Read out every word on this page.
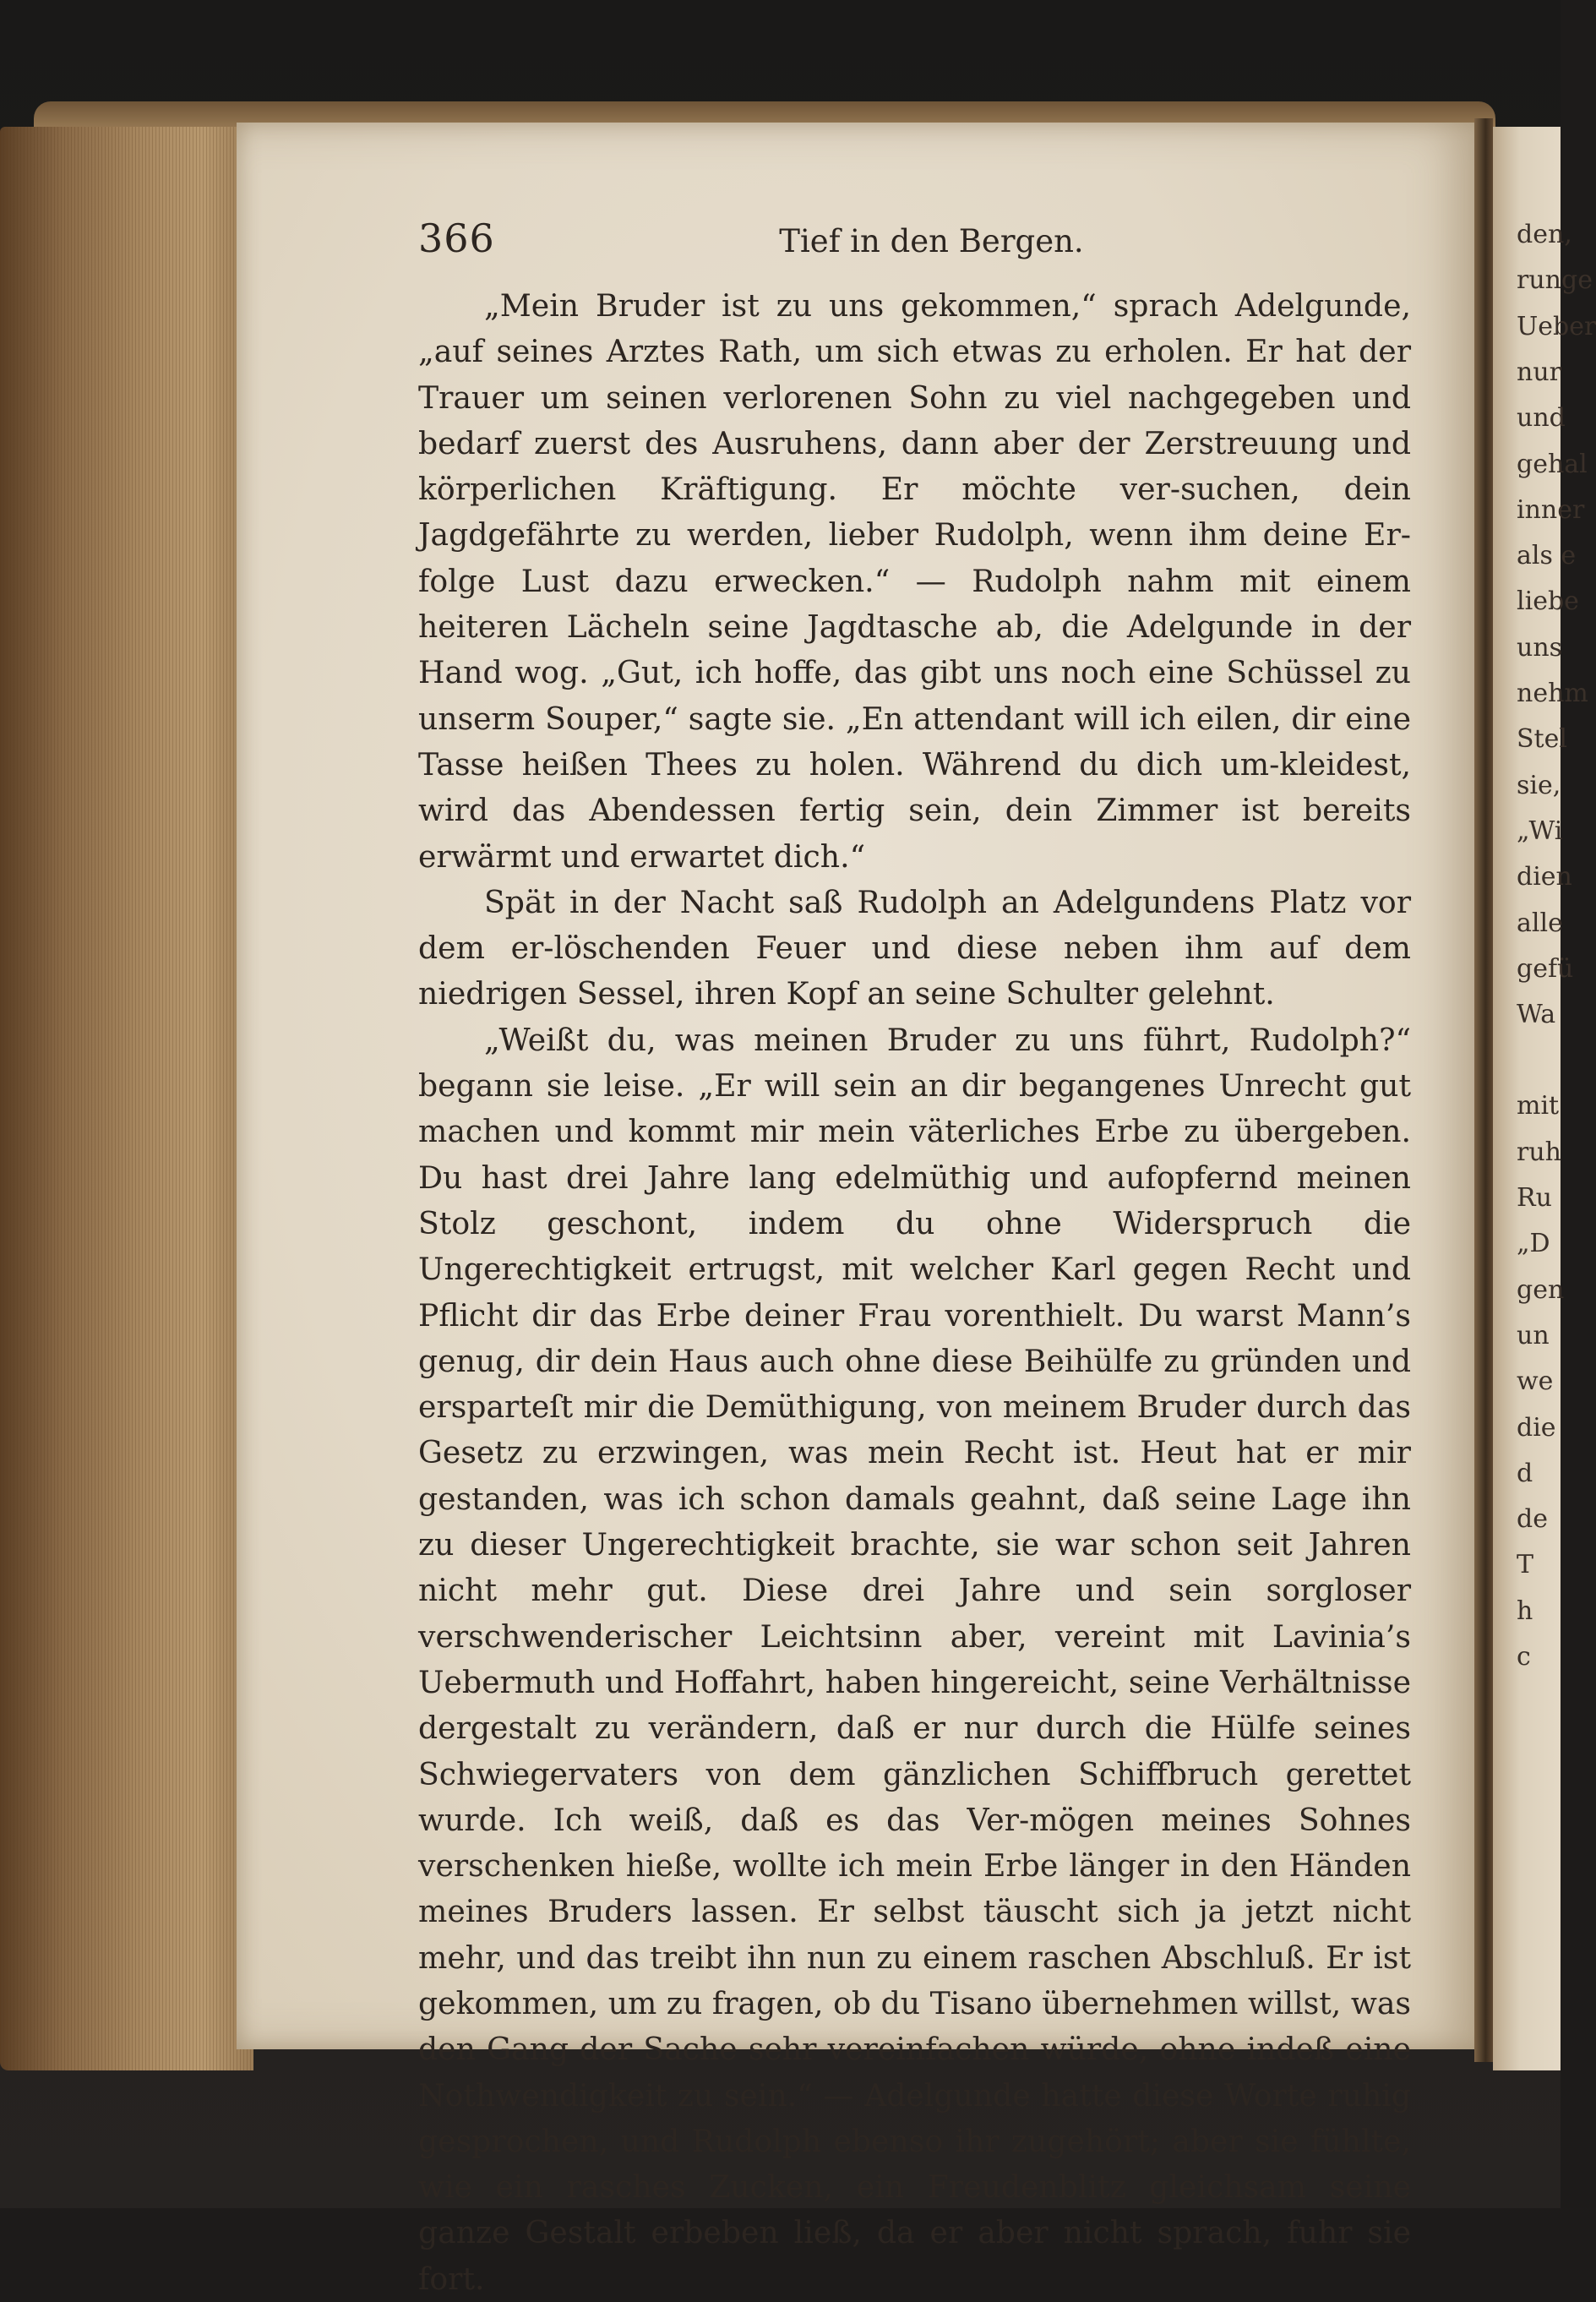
den,
runge
Ueber
nur
und
gehal
inner
als e
liebe
uns
nehm
Stel
sie,
„Wi
dien
alle
gefü
Wa
mit
ruh
Ru
„D
gen
un
we
die
d
de
T
h
c
366	Tief in den Bergen.

„Mein Bruder ist zu uns gekommen,“ sprach Adelgunde, „auf seines Arztes Rath, um sich etwas zu erholen. Er hat der Trauer um seinen verlorenen Sohn zu viel nachgegeben und bedarf zuerst des Ausruhens, dann aber der Zerstreuung und körperlichen Kräftigung. Er möchte ver-suchen, dein Jagdgefährte zu werden, lieber Rudolph, wenn ihm deine Er-folge Lust dazu erwecken.“ — Rudolph nahm mit einem heiteren Lächeln seine Jagdtasche ab, die Adelgunde in der Hand wog. „Gut, ich hoffe, das gibt uns noch eine Schüssel zu unserm Souper,“ sagte sie. „En attendant will ich eilen, dir eine Tasse heißen Thees zu holen. Während du dich um-kleidest, wird das Abendessen fertig sein, dein Zimmer ist bereits erwärmt und erwartet dich.“

Spät in der Nacht saß Rudolph an Adelgundens Platz vor dem er-löschenden Feuer und diese neben ihm auf dem niedrigen Sessel, ihren Kopf an seine Schulter gelehnt.

„Weißt du, was meinen Bruder zu uns führt, Rudolph?“ begann sie leise. „Er will sein an dir begangenes Unrecht gut machen und kommt mir mein väterliches Erbe zu übergeben. Du hast drei Jahre lang edelmüthig und aufopfernd meinen Stolz geschont, indem du ohne Widerspruch die Ungerechtigkeit ertrugst, mit welcher Karl gegen Recht und Pflicht dir das Erbe deiner Frau vorenthielt. Du warst Mann’s genug, dir dein Haus auch ohne diese Beihülfe zu gründen und ersparteſt mir die Demüthigung, von meinem Bruder durch das Gesetz zu erzwingen, was mein Recht ist. Heut hat er mir gestanden, was ich schon damals geahnt, daß seine Lage ihn zu dieser Ungerechtigkeit brachte, sie war schon seit Jahren nicht mehr gut. Diese drei Jahre und sein sorgloser verschwenderischer Leichtsinn aber, vereint mit Lavinia’s Uebermuth und Hoffahrt, haben hingereicht, seine Verhältnisse dergestalt zu verändern, daß er nur durch die Hülfe seines Schwiegervaters von dem gänzlichen Schiffbruch gerettet wurde. Ich weiß, daß es das Ver-mögen meines Sohnes verschenken hieße, wollte ich mein Erbe länger in den Händen meines Bruders lassen. Er selbst täuscht sich ja jetzt nicht mehr, und das treibt ihn nun zu einem raschen Abschluß. Er ist gekommen, um zu fragen, ob du Tisano übernehmen willst, was den Gang der Sache sehr vereinfachen würde, ohne indeß eine Nothwendigkeit zu sein.“ — Adelgunde hatte diese Worte ruhig gesprochen, und Rudolph ebenso ihr zugehört; aber sie fühlte, wie ein rasches Zucken, ein Freudenblitz gleichsam seine ganze Gestalt erbeben ließ, da er aber nicht sprach, fuhr sie fort.
